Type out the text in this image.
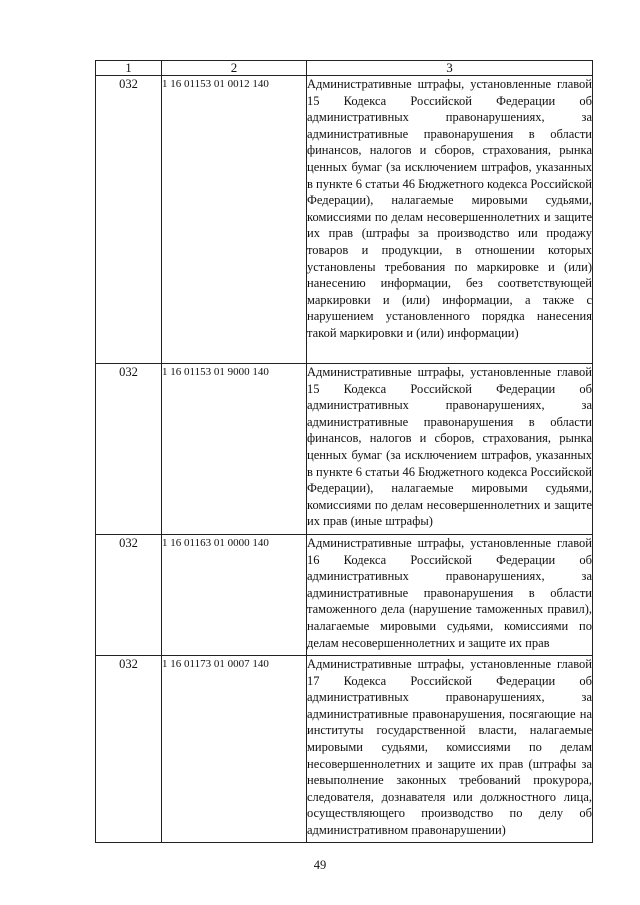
1	2	3
032	1 16 01153 01 0012 140	Административные штрафы, установленные главой 15 Кодекса Российской Федерации об административных правонарушениях, за административные правонарушения в области финансов, налогов и сборов, страхования, рынка ценных бумаг (за исключением штрафов, указанных в пункте 6 статьи 46 Бюджетного кодекса Российской Федерации), налагаемые мировыми судьями, комиссиями по делам несовершеннолетних и защите их прав (штрафы за производство или продажу товаров и продукции, в отношении которых установлены требования по маркировке и (или) нанесению информации, без соответствующей маркировки и (или) информации, а также с нарушением установленного порядка нанесения такой маркировки и (или) информации)
032	1 16 01153 01 9000 140	Административные штрафы, установленные главой 15 Кодекса Российской Федерации об административных правонарушениях, за административные правонарушения в области финансов, налогов и сборов, страхования, рынка ценных бумаг (за исключением штрафов, указанных в пункте 6 статьи 46 Бюджетного кодекса Российской Федерации), налагаемые мировыми судьями, комиссиями по делам несовершеннолетних и защите их прав (иные штрафы)
032	1 16 01163 01 0000 140	Административные штрафы, установленные главой 16 Кодекса Российской Федерации об административных правонарушениях, за административные правонарушения в области таможенного дела (нарушение таможенных правил), налагаемые мировыми судьями, комиссиями по делам несовершеннолетних и защите их прав
032	1 16 01173 01 0007 140	Административные штрафы, установленные главой 17 Кодекса Российской Федерации об административных правонарушениях, за административные правонарушения, посягающие на институты государственной власти, налагаемые мировыми судьями, комиссиями по делам несовершеннолетних и защите их прав (штрафы за невыполнение законных требований прокурора, следователя, дознавателя или должностного лица, осуществляющего производство по делу об административном правонарушении)
49
